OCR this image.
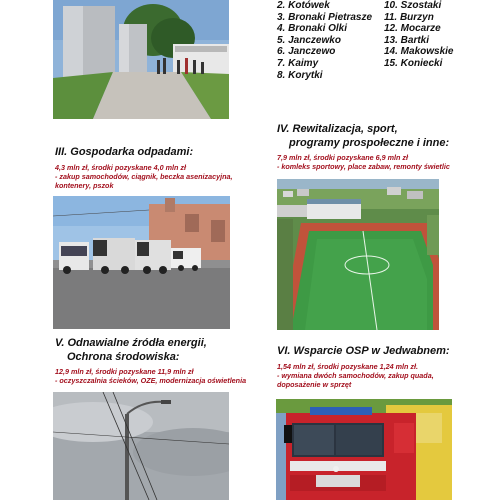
2. Kotówek
3. Bronaki Pietrasze
4. Bronaki Olki
5. Janczewko
6. Janczewo
7. Kaimy
8. Korytki
10. Szostaki
11. Burzyn
12. Mocarze
13. Bartki
14. Makowskie
15. Koniecki
III. Gospodarka odpadami:
4,3 mln zł, środki pozyskane 4,0 mln zł
- zakup samochodów, ciągnik, beczka asenizacyjna,
kontenery, pszok
IV. Rewitalizacja, sport,
programy prospołeczne i inne:
7,9 mln zł, środki pozyskane 6,9 mln zł
- komleks sportowy, place zabaw, remonty świetlic
V. Odnawialne źródła energii,
Ochrona środowiska:
12,9 mln zł, środki pozyskane 11,9 mln zł
- oczyszczalnia ścieków, OZE, modernizacja oświetlenia
VI. Wsparcie OSP w Jedwabnem:
1,54 mln zł, środki pozyskane 1,24 mln zł.
- wymiana dwóch samochodów, zakup quada,
doposażenie w sprzęt
